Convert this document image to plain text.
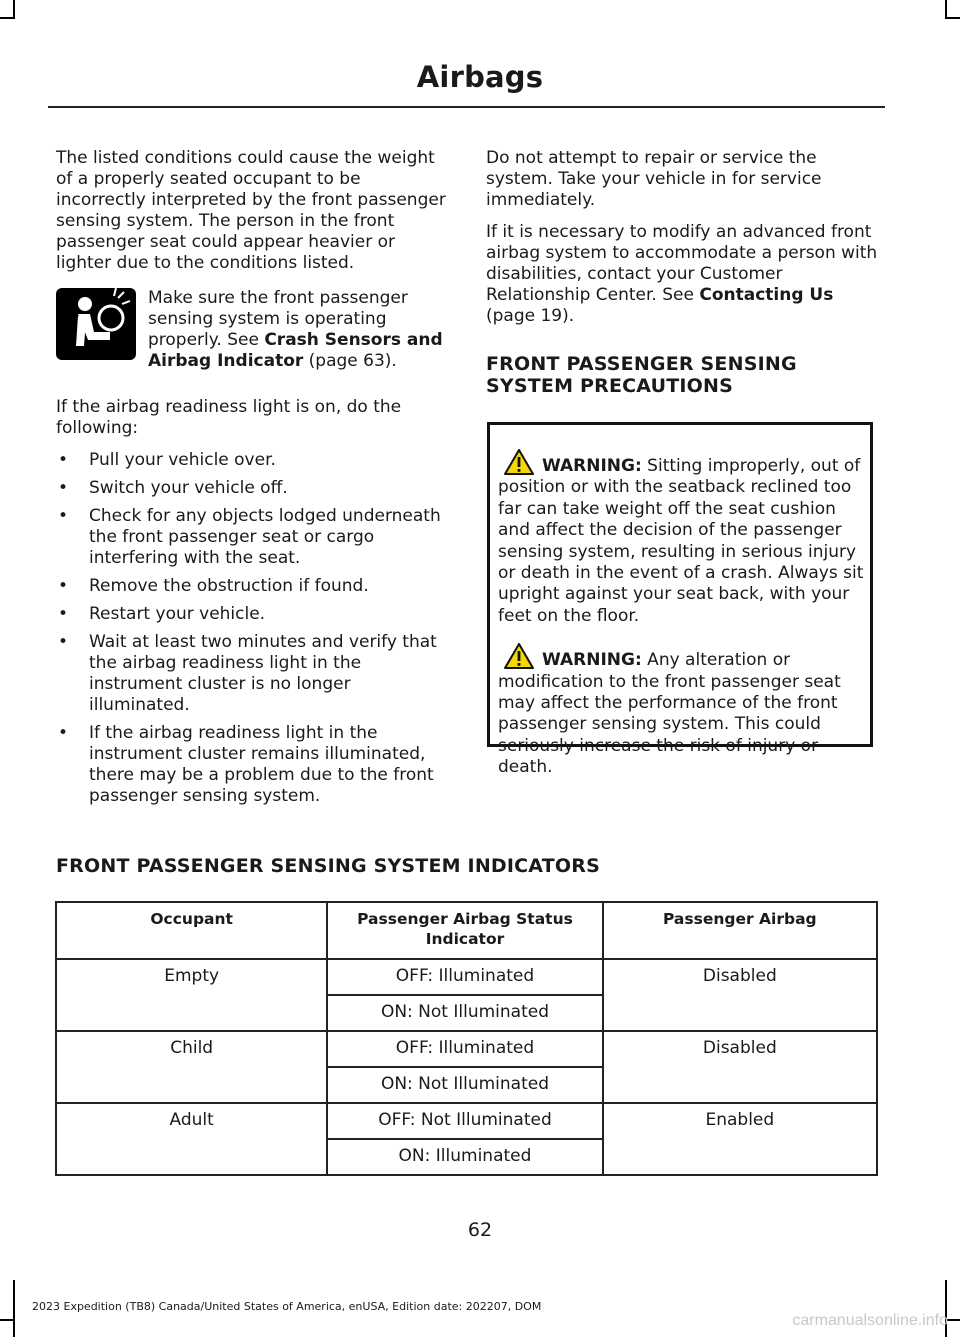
Airbags

The listed conditions could cause the weight of a properly seated occupant to be incorrectly interpreted by the front passenger sensing system. The person in the front passenger seat could appear heavier or lighter due to the conditions listed.

Make sure the front passenger sensing system is operating properly. See Crash Sensors and Airbag Indicator (page 63).

If the airbag readiness light is on, do the following:

• Pull your vehicle over.
• Switch your vehicle off.
• Check for any objects lodged underneath the front passenger seat or cargo interfering with the seat.
• Remove the obstruction if found.
• Restart your vehicle.
• Wait at least two minutes and verify that the airbag readiness light in the instrument cluster is no longer illuminated.
• If the airbag readiness light in the instrument cluster remains illuminated, there may be a problem due to the front passenger sensing system.

Do not attempt to repair or service the system. Take your vehicle in for service immediately.

If it is necessary to modify an advanced front airbag system to accommodate a person with disabilities, contact your Customer Relationship Center. See Contacting Us (page 19).

FRONT PASSENGER SENSING SYSTEM PRECAUTIONS

WARNING: Sitting improperly, out of position or with the seatback reclined too far can take weight off the seat cushion and affect the decision of the passenger sensing system, resulting in serious injury or death in the event of a crash. Always sit upright against your seat back, with your feet on the floor.

WARNING: Any alteration or modification to the front passenger seat may affect the performance of the front passenger sensing system. This could seriously increase the risk of injury or death.

FRONT PASSENGER SENSING SYSTEM INDICATORS
Occupant	Passenger Airbag Status Indicator	Passenger Airbag
Empty	OFF: Illuminated	Disabled
	ON: Not Illuminated	
Child	OFF: Illuminated	Disabled
	ON: Not Illuminated	
Adult	OFF: Not Illuminated	Enabled
	ON: Illuminated	
62
2023 Expedition (TB8) Canada/United States of America, enUSA, Edition date: 202207, DOM
carmanualsonline.info
